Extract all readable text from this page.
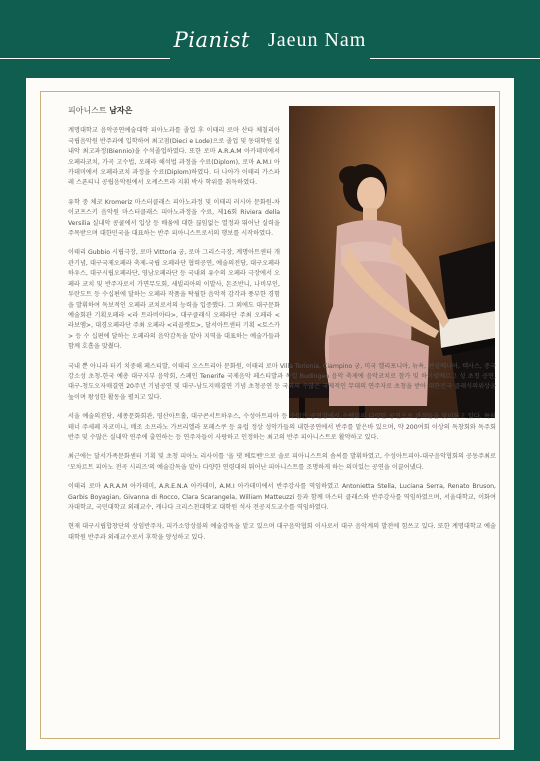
Pianist Jaeun Nam
피아니스트 남자은

계명대학교 음악공연예술대학 피아노과를 졸업 후 이태리 로마 산타 체칠리아 국립음악원 반주과에 입학하여 최고점(Dieci e Lode)으로 졸업 및 동대학원 실내악 최고과정(Biennio)을 수석졸업하였다. 또한 로마 A.R.A.M 아카데미에서 오페라코치, 가곡 고수법, 오페라 해석법 과정을 수료(Diplom), 로마 A.M.I 아카데미에서 오페라코치 과정을 수료(Diplom)하였다. 더 나아가 이태리 가스파레 스폰티니 공립음악원에서 오케스트라 지휘 박사 학위를 취득하였다.

유학 중 체코 Kromeriz 마스터클래스 피아노과정 및 이태리 러시아 문화원-차이코프스키 음악원 마스터클래스 피아노과정을 수료, 제16회 Riviera della Versilia 실내악 콩쿨에서 입상 등 배움에 대한 끊임없는 열정과 뛰어난 실력을 주목받으며 대한민국을 대표하는 반주 피아니스트로서의 행보를 시작하였다.

이태리 Gubbio 시립극장, 로마 Vittoria 궁, 로마 그리스극장, 계명아트센터 개관기념, 대구국제오페라 축제-국립 오페라단 협력공연, 예술의전당, 대구오페라하우스, 대구시립오페라단, 영남오페라단 등 국내외 유수의 오페라 극장에서 오페라 코치 및 반주자로서 가면무도회, 세빌리아의 이발사, 돈조반니, 나비부인, 투란도트 등 수십편에 달하는 오페라 작품을 탁월한 음악적 감각과 풍부한 경험을 발휘하여 독보적인 오페라 코치로서의 능력을 입증했다. 그 외에도 대구문화예술회관 기획오페라 <라 트라비아타>, 대구클래식 오페라단 주최 오페라 <라보엠>, 대경오페라단 주최 오페라 <리골렛토>, 달서아트센터 기획 <토스카> 등 수 십편에 달하는 오페라의 음악감독을 맡아 지역을 대표하는 예술가들과 함께 호흡을 맞췄다.

국내 뿐 아니라 터키 치중해 페스티발, 이태리 오스트리아 문화원, 이태리 로마 Villa Torlonia, Ciampino 궁, 미국 캘리포니아, 뉴욕, 펜실베니아, 텍사스, 중국 강소성 초청-한국 예총 대구지부 음악회, 스페인 Tenerife 국제음악 페스티발과 독일 Budingen 음악 축제에 음악코치로 참가 및 하이델베르그 성 초청 공연, 대구-청도오자매결연 20주년 기념공연 및 대구-남도지매결연 기념 초청공연 등 국외의 수많은 국제적인 무대의 연주자로 초청을 받아 대한민국 클래식의위상을 높이며 왕성한 활동을 펼치고 있다.

서울 예술의전당, 세종문화회관, 영산아트홀, 대구콘서트하우스, 수성아트피아 등 수많은 공연장에서 수백회의 다양한 공연으로 관객들을 맞이하고 있다. 특히 테너 주세페 자코미니, 메조 소프라노 가브리엘라 포페스쿠 등 유럽 정상 성악가들의 내한공연에서 반주를 맡은바 있으며, 약 200여회 이상의 독창회와 독주회 반주 및 수많은 실내악 연주에 출연하는 등 연주자들이 사랑하고 인정하는 최고의 반주 피아니스트로 활약하고 있다.

최근에는 달서가족문화센터 기획 및 초청 피아노 리사이틀 '올 댓 베토벤'으로 솔로 피아니스트의 솜씨를 발휘하였고, 수성아트피아-대구음악협회의 공동주최로 '모차르트 피아노 전곡 시리즈'의 예술감독을 맡아 다양한 연령대의 뛰어난 피아니스트를 조명하게 하는 의미있는 공연을 이끌어냈다.

이태리 로마 A.R.A.M 아카데미, A.R.E.N.A 아카데미, A.M.I 아카데미에서 반주강사를 역임하였고 Antonietta Stella, Luciana Serra, Renato Bruson, Garbis Boyagian, Givanna di Rocco, Clara Scarangela, William Matteuzzi 등과 함께 마스터 클래스와 반주강사를 역임하였으며, 서울대학교, 이화여자대학교, 국민대학교 외래교수, 캐나다 크리스천대학교 대학원 석사 전공지도교수를 역임하였다.

현재 대구시립합창단의 상임반주자, 피카소앙상블의 예술감독을 맡고 있으며 대구음악협회 이사로서 대구 음악계의 발전에 힘쓰고 있다. 또한 계명대학교 예술대학원 반주과 외래교수로서 후학을 양성하고 있다.
